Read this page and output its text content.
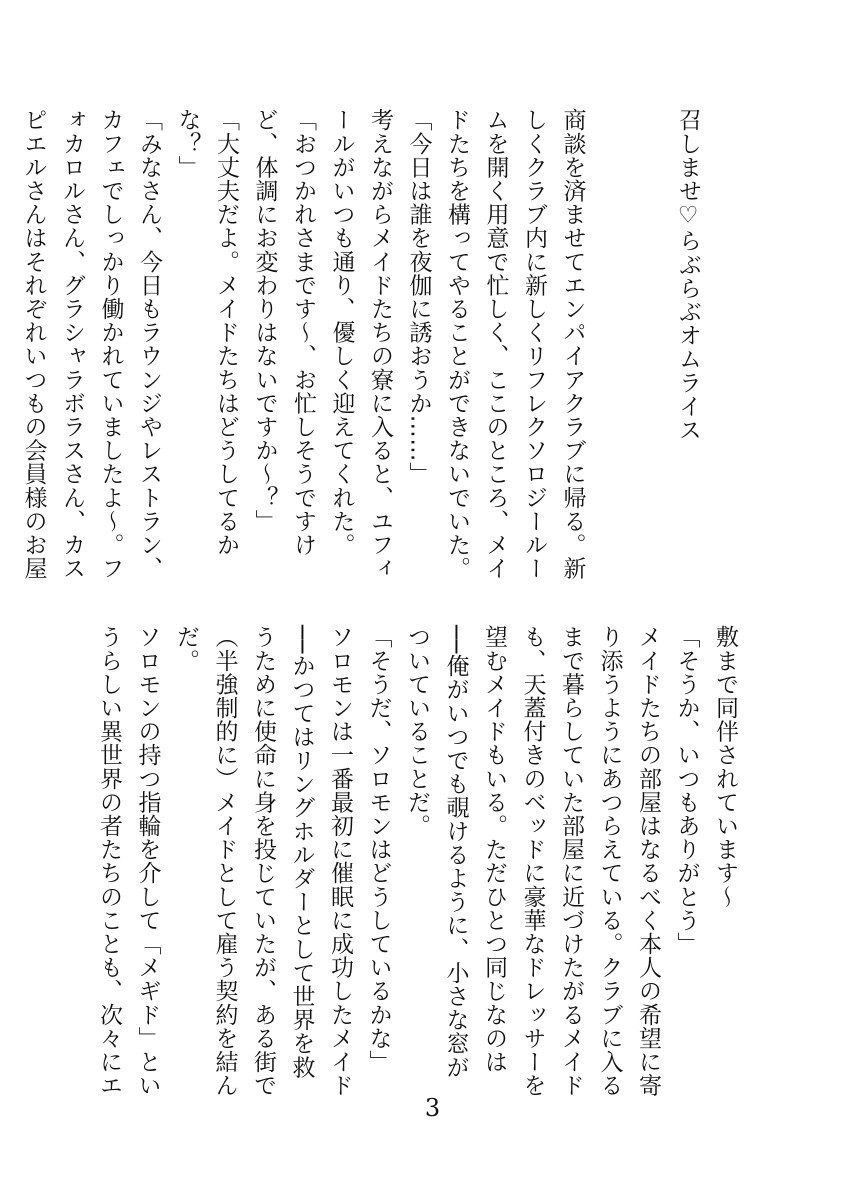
召しませ♡らぶらぶオムライス
商談を済ませてエンパイアクラブに帰る。新
しくクラブ内に新しくリフレクソロジールー
ムを開く用意で忙しく、ここのところ、メイ
ドたちを構ってやることができないでいた。
「今日は誰を夜伽に誘おうか……」
考えながらメイドたちの寮に入ると、ユフィ
ールがいつも通り、優しく迎えてくれた。
「おつかれさまです～、お忙しそうですけ
ど、体調にお変わりはないですか～？」
「大丈夫だよ。メイドたちはどうしてるか
な？」
「みなさん、今日もラウンジやレストラン、
カフェでしっかり働かれていましたよ～。フ
ォカロルさん、グラシャラボラスさん、カス
ピエルさんはそれぞれいつもの会員様のお屋
敷まで同伴されています～
「そうか、いつもありがとう」
メイドたちの部屋はなるべく本人の希望に寄
り添うようにあつらえている。クラブに入る
まで暮らしていた部屋に近づけたがるメイド
も、天蓋付きのベッドに豪華なドレッサーを
望むメイドもいる。ただひとつ同じなのは
──俺がいつでも覗けるように、小さな窓が
ついていることだ。
「そうだ、ソロモンはどうしているかな」
ソロモンは一番最初に催眠に成功したメイド
──かつてはリングホルダーとして世界を救
うために使命に身を投じていたが、ある街で
（半強制的に）メイドとして雇う契約を結ん
だ。
ソロモンの持つ指輪を介して「メギド」とい
うらしい異世界の者たちのことも、次々にエ
3
